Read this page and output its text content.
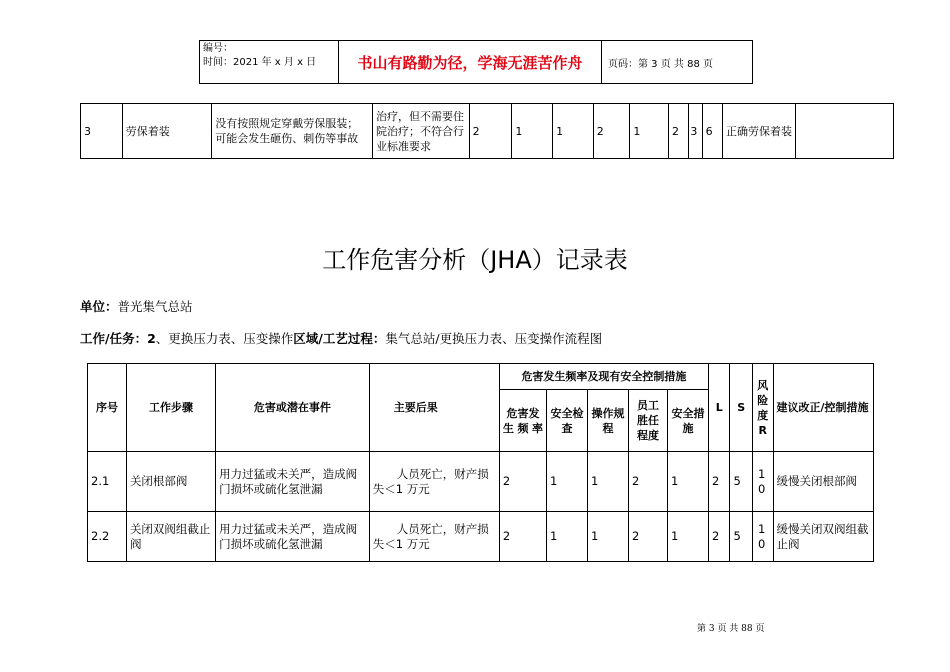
编号：
时间：2021 年 x 月 x 日	书山有路勤为径，学海无涯苦作舟	页码：第 3 页 共 88 页
3	劳保着装	没有按照规定穿戴劳保服装；可能会发生砸伤、刺伤等事故	治疗，但不需要住院治疗；不符合行业标准要求	2	1	1	2	1	2	3	6	正确劳保着装	
工作危害分析（JHA）记录表
单位：普光集气总站
工作/任务：2、更换压力表、压变操作区域/工艺过程：集气总站/更换压力表、压变操作流程图
序号	工作步骤	危害或潜在事件	主要后果	危害发生频率及现有安全控制措施					L	S	风险度R	建议改正/控制措施
				危害发生频率	安全检查	操作规程	员工胜任程度	安全措施				
2.1	关闭根部阀	用力过猛或未关严，造成阀门损坏或硫化氢泄漏	人员死亡，财产损失＜1 万元	2	1	1	2	1	2	5	10	缓慢关闭根部阀
2.2	关闭双阀组截止阀	用力过猛或未关严，造成阀门损坏或硫化氢泄漏	人员死亡，财产损失＜1 万元	2	1	1	2	1	2	5	10	缓慢关闭双阀组截止阀
第 3 页 共 88 页
